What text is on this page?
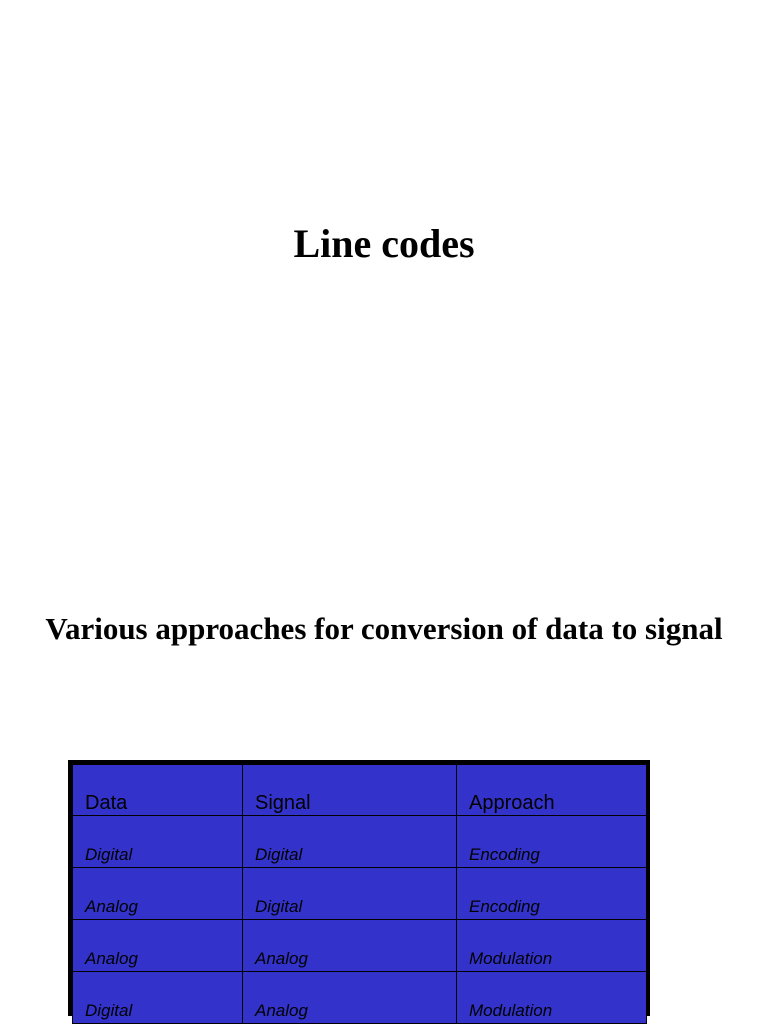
Line codes
Various approaches for conversion of data to signal
Data	Signal	Approach
Digital	Digital	Encoding
Analog	Digital	Encoding
Analog	Analog	Modulation
Digital	Analog	Modulation
